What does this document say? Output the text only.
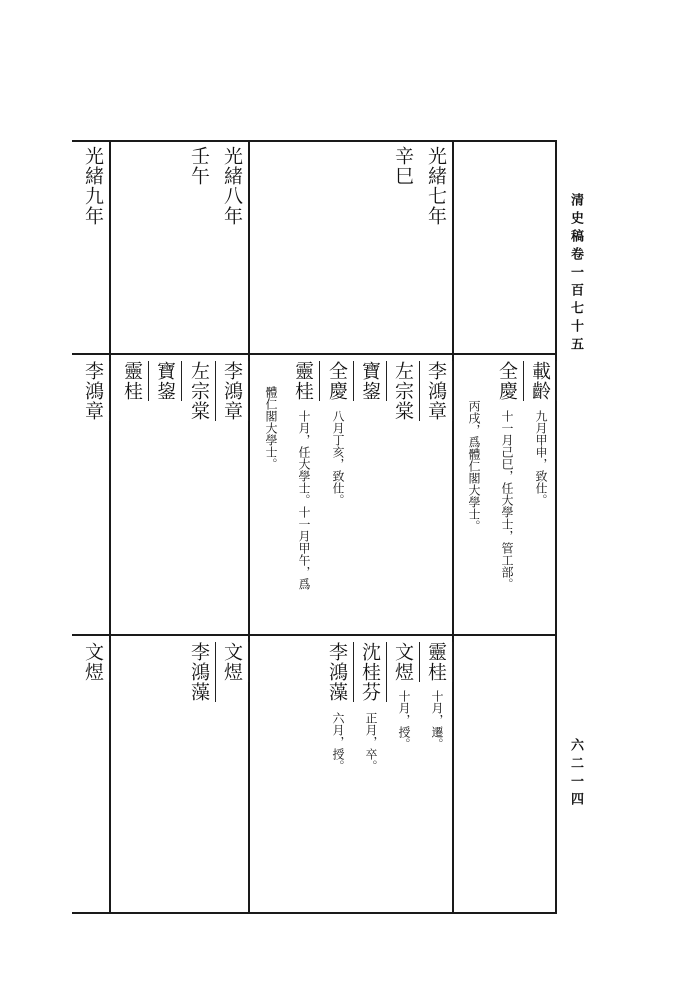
清史稿卷一百七十五
六二一四
光緒七年
辛巳
光緒八年
壬午
光緒九年
載齡
九月甲申，致仕。
全慶
十一月己巳，任大學士，管工部。
丙戌，爲體仁閣大學士。
李鴻章
左宗棠
寶鋆
全慶
八月丁亥，致仕。
靈桂
十月，任大學士。十一月甲午，爲
體仁閣大學士。
李鴻章
左宗棠
寶鋆
靈桂
李鴻章
靈桂
十月，遷。
文煜
十月，授。
沈桂芬
正月，卒。
李鴻藻
六月，授。
文煜
李鴻藻
文煜
